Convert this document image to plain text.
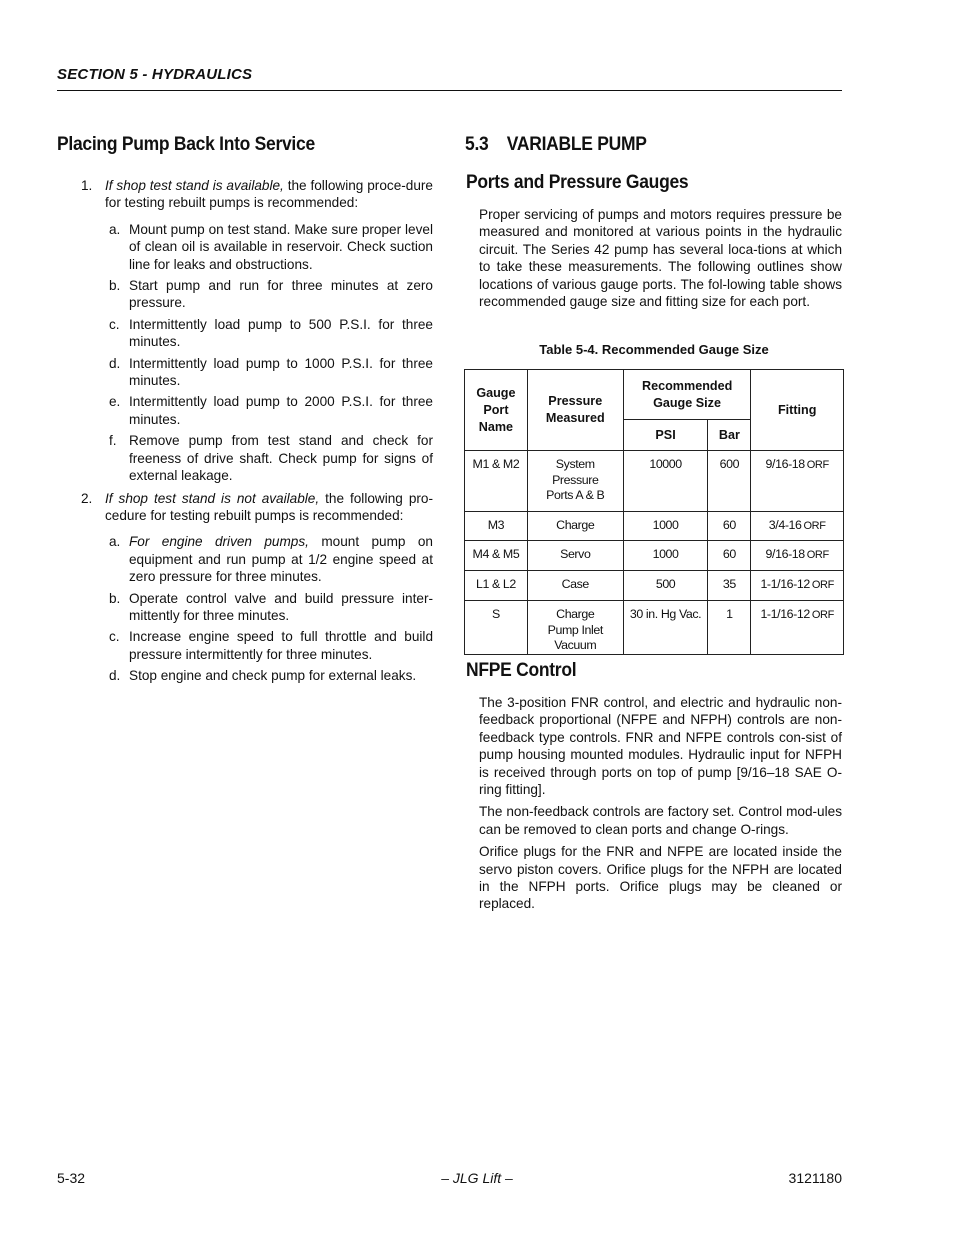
SECTION 5 - HYDRAULICS
Placing Pump Back Into Service
1. If shop test stand is available, the following proce-dure for testing rebuilt pumps is recommended:
a. Mount pump on test stand. Make sure proper level of clean oil is available in reservoir. Check suction line for leaks and obstructions.
b. Start pump and run for three minutes at zero pressure.
c. Intermittently load pump to 500 P.S.I. for three minutes.
d. Intermittently load pump to 1000 P.S.I. for three minutes.
e. Intermittently load pump to 2000 P.S.I. for three minutes.
f. Remove pump from test stand and check for freeness of drive shaft. Check pump for signs of external leakage.
2. If shop test stand is not available, the following pro-cedure for testing rebuilt pumps is recommended:
a. For engine driven pumps, mount pump on equipment and run pump at 1/2 engine speed at zero pressure for three minutes.
b. Operate control valve and build pressure inter-mittently for three minutes.
c. Increase engine speed to full throttle and build pressure intermittently for three minutes.
d. Stop engine and check pump for external leaks.
5.3    VARIABLE PUMP
Ports and Pressure Gauges

Proper servicing of pumps and motors requires pressure be measured and monitored at various points in the hydraulic circuit. The Series 42 pump has several loca-tions at which to take these measurements. The following outlines show locations of various gauge ports. The fol-lowing table shows recommended gauge size and fitting size for each port.

Table 5-4. Recommended Gauge Size
Gauge Port Name	Pressure Measured	Recommended Gauge Size		Fitting
		PSI	Bar	
M1 & M2	System Pressure Ports A & B	10000	600	9/16-18 ORF
M3	Charge	1000	60	3/4-16 ORF
M4 & M5	Servo	1000	60	9/16-18 ORF
L1 & L2	Case	500	35	1-1/16-12 ORF
S	Charge Pump Inlet Vacuum	30 in. Hg Vac.	1	1-1/16-12 ORF
NFPE Control

The 3-position FNR control, and electric and hydraulic non-feedback proportional (NFPE and NFPH) controls are non-feedback type controls. FNR and NFPE controls con-sist of pump housing mounted modules. Hydraulic input for NFPH is received through ports on top of pump [9/16–18 SAE O-ring fitting].

The non-feedback controls are factory set. Control mod-ules can be removed to clean ports and change O-rings.

Orifice plugs for the FNR and NFPE are located inside the servo piston covers. Orifice plugs for the NFPH are located in the NFPH ports. Orifice plugs may be cleaned or replaced.

5-32	– JLG Lift –	3121180
